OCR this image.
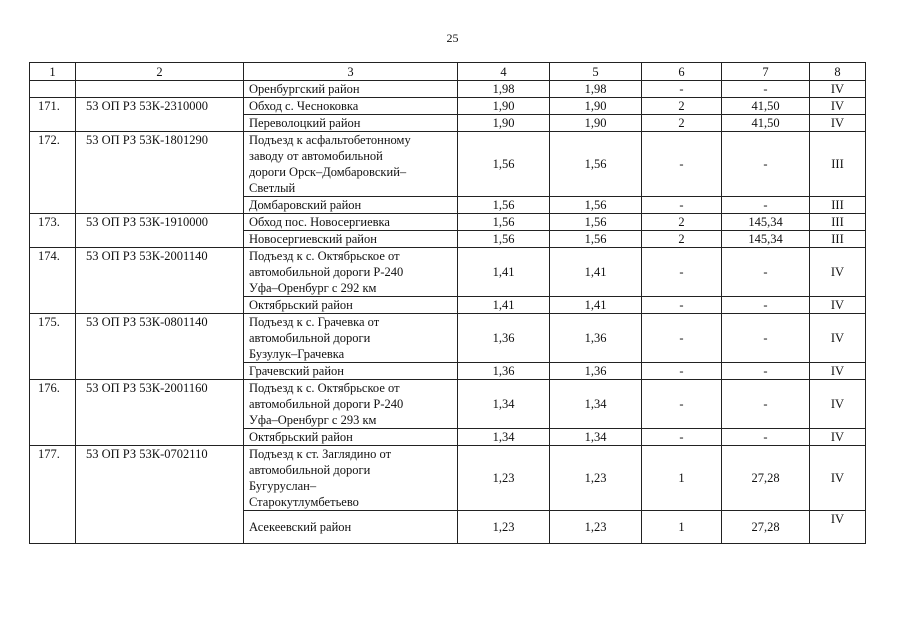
25
1	2	3	4	5	6	7	8
		Оренбургский район	1,98	1,98	-	-	IV
171.	53 ОП РЗ 53К-2310000	Обход с. Чесноковка	1,90	1,90	2	41,50	IV
		Переволоцкий район	1,90	1,90	2	41,50	IV
172.	53 ОП РЗ 53К-1801290	Подъезд к асфальтобетонному
заводу от автомобильной
дороги Орск–Домбаровский–
Светлый	1,56	1,56	-	-	III
		Домбаровский район	1,56	1,56	-	-	III
173.	53 ОП РЗ 53К-1910000	Обход пос. Новосергиевка	1,56	1,56	2	145,34	III
		Новосергиевский район	1,56	1,56	2	145,34	III
174.	53 ОП РЗ 53К-2001140	Подъезд к с. Октябрьское от
автомобильной дороги Р-240
Уфа–Оренбург с 292 км	1,41	1,41	-	-	IV
		Октябрьский район	1,41	1,41	-	-	IV
175.	53 ОП РЗ 53К-0801140	Подъезд к с. Грачевка от
автомобильной дороги
Бузулук–Грачевка	1,36	1,36	-	-	IV
		Грачевский район	1,36	1,36	-	-	IV
176.	53 ОП РЗ 53К-2001160	Подъезд к с. Октябрьское от
автомобильной дороги Р-240
Уфа–Оренбург с 293 км	1,34	1,34	-	-	IV
		Октябрьский район	1,34	1,34	-	-	IV
177.	53 ОП РЗ 53К-0702110	Подъезд к ст. Заглядино от
автомобильной дороги
Бугуруслан–
Старокутлумбетьево	1,23	1,23	1	27,28	IV
		Асекеевский район	1,23	1,23	1	27,28	IV
